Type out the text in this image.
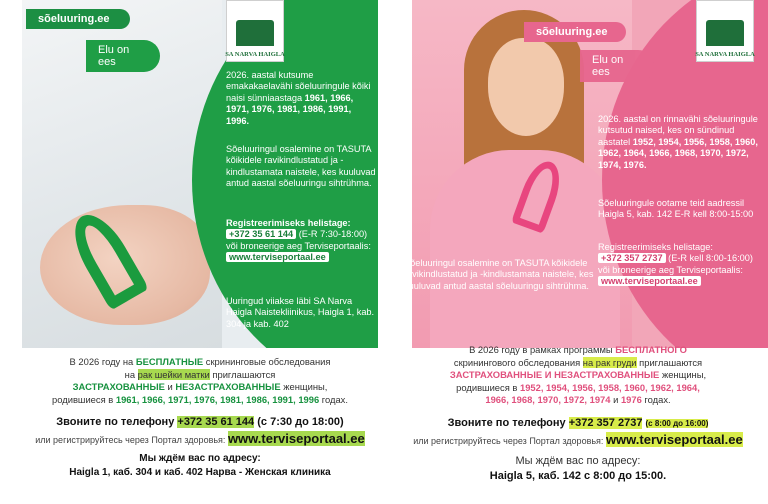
sõeluuring.ee
Elu on ees
SA NARVA HAIGLA
2026. aastal kutsume emakakaelavähi sõeluuringule kõiki naisi sünniaastaga 1961, 1966, 1971, 1976, 1981, 1986, 1991, 1996.
Sõeluuringul osalemine on TASUTA kõikidele ravikindlustatud ja -kindlustamata naistele, kes kuuluvad antud aastal sõeluuringu sihtrühma.
Registreerimiseks helistage:
+372 35 61 144 (E-R 7:30-18:00) või broneerige aeg Terviseportaalis:
www.terviseportaal.ee
Uuringud viiakse läbi SA Narva Haigla Naistekliinikus, Haigla 1, kab. 304 ja kab. 402
В 2026 году на БЕСПЛАТНЫЕ скрининговые обследования
на рак шейки матки приглашаются
ЗАСТРАХОВАННЫЕ и НЕЗАСТРАХОВАННЫЕ женщины,
родившиеся в 1961, 1966, 1971, 1976, 1981, 1986, 1991, 1996 годах.
Звоните по телефону +372 35 61 144 (с 7:30 до 18:00)
или регистрируйтесь через Портал здоровья: www.terviseportaal.ee
Мы ждём вас по адресу:
Haigla 1, каб. 304 и каб. 402 Нарва - Женская клиника
sõeluuring.ee
Elu on ees
SA NARVA HAIGLA
2026. aastal on rinnavähi sõeluuringule kutsutud naised, kes on sündinud aastatel 1952, 1954, 1956, 1958, 1960, 1962, 1964, 1966, 1968, 1970, 1972, 1974, 1976.
Sõeluuringule ootame teid aadressil Haigla 5, kab. 142 E-R kell 8:00-15:00
Registreerimiseks helistage:
+372 357 2737 (E-R kell 8:00-16:00) või broneerige aeg Terviseportaalis:
www.terviseportaal.ee
Sõeluuringul osalemine on TASUTA kõikidele ravikindlustatud ja -kindlustamata naistele, kes kuuluvad antud aastal sõeluuringu sihtrühma.
В 2026 году в рамках программы БЕСПЛАТНОГО
скринингового обследования на рак груди приглашаются
ЗАСТРАХОВАННЫЕ И НЕЗАСТРАХОВАННЫЕ женщины,
родившиеся в 1952, 1954, 1956, 1958, 1960, 1962, 1964,
1966, 1968, 1970, 1972, 1974 и 1976 годах.
Звоните по телефону +372 357 2737 (с 8:00 до 16:00)
или регистрируйтесь через Портал здоровья: www.terviseportaal.ee
Мы ждём вас по адресу:
Haigla 5, каб. 142 с 8:00 до 15:00.
